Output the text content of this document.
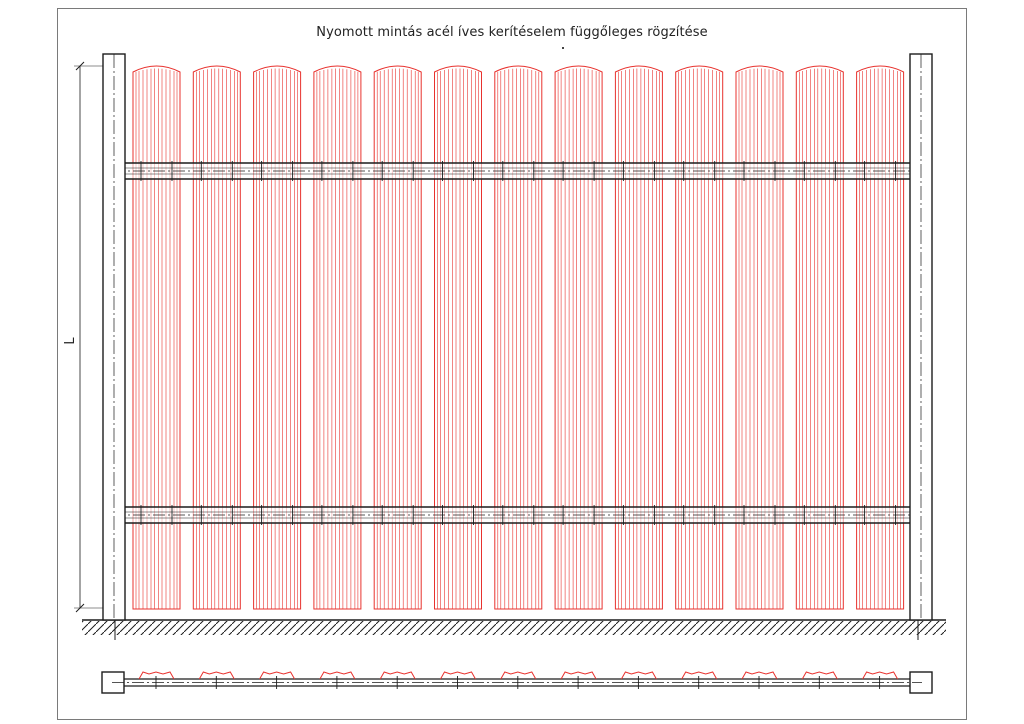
Nyomott mintás acél íves kerítéselem függőleges rögzítése
L
